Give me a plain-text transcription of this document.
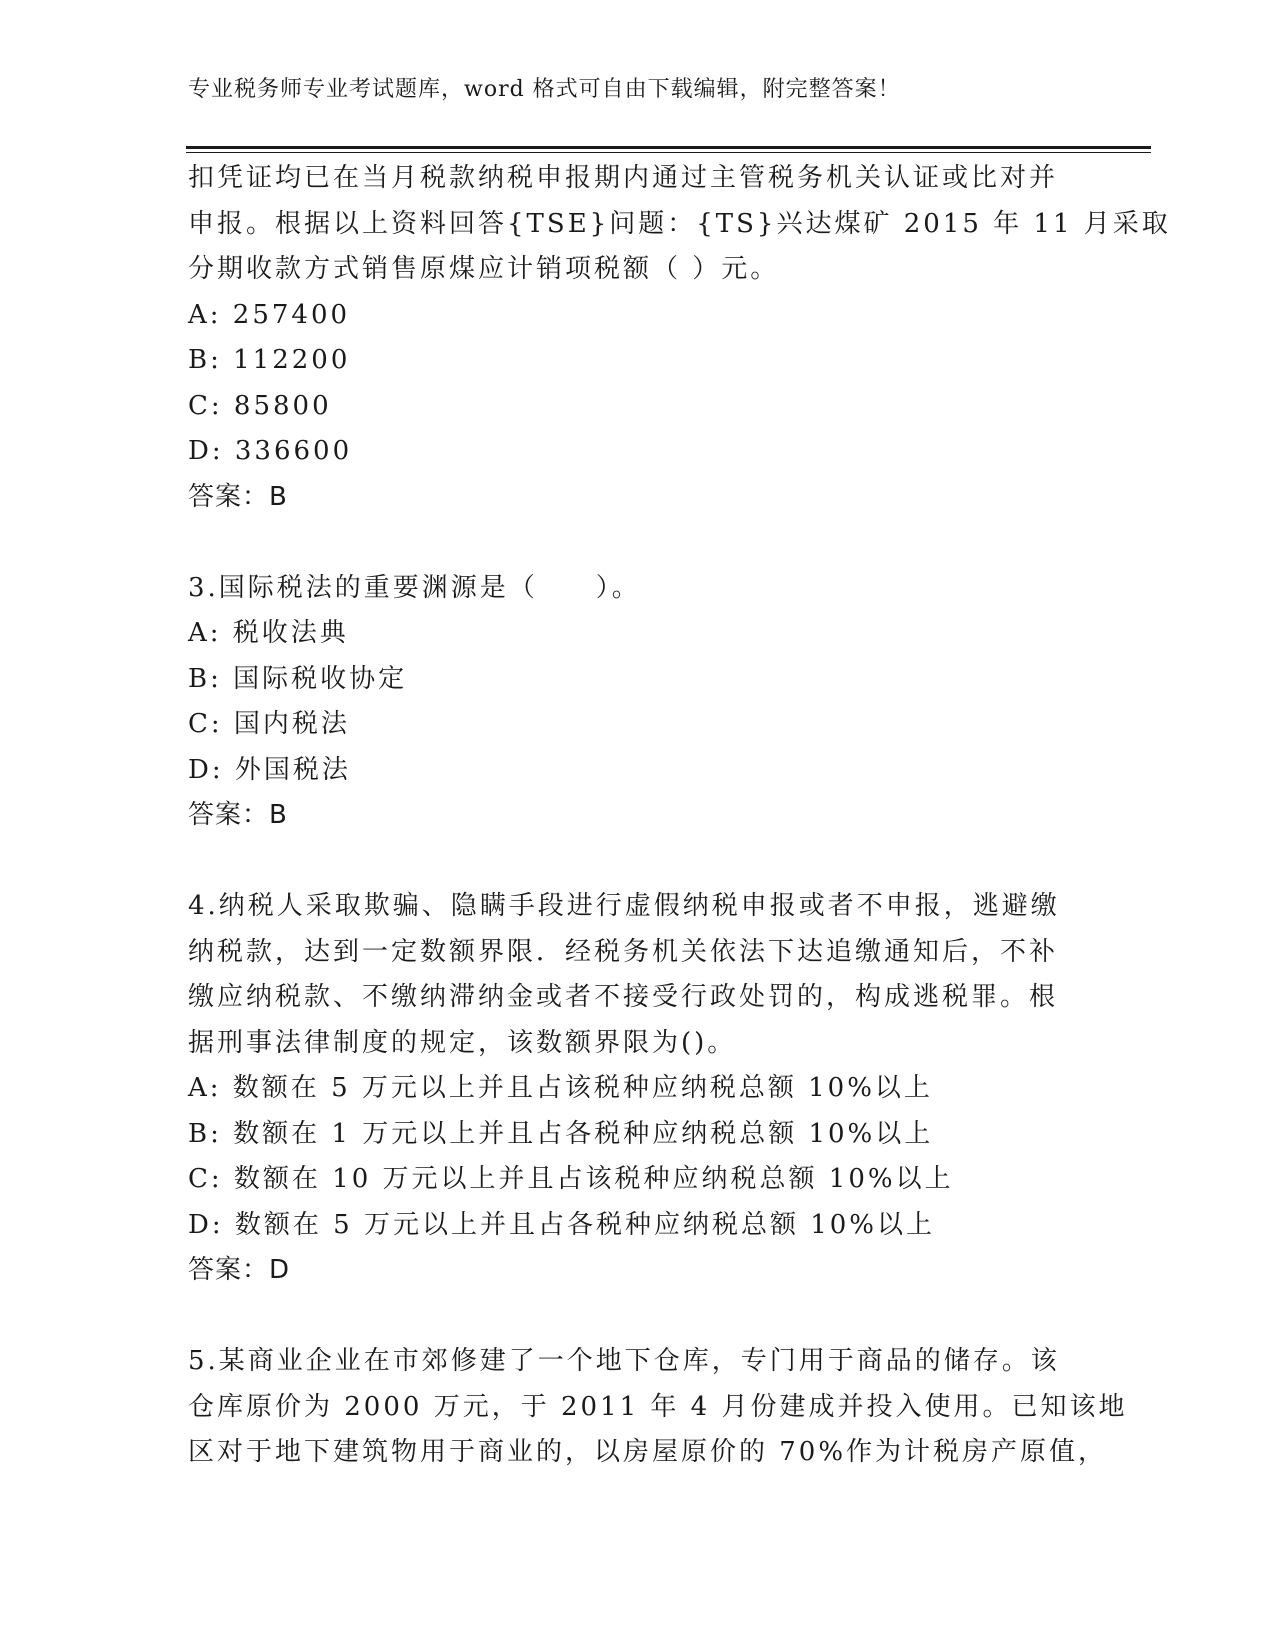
专业税务师专业考试题库，word 格式可自由下载编辑，附完整答案！
扣凭证均已在当月税款纳税申报期内通过主管税务机关认证或比对并
申报。根据以上资料回答{TSE}问题：{TS}兴达煤矿 2015 年 11 月采取
分期收款方式销售原煤应计销项税额（ ）元。
A: 257400
B: 112200
C: 85800
D: 336600
答案：B
3.国际税法的重要渊源是（　　）。
A: 税收法典
B: 国际税收协定
C: 国内税法
D: 外国税法
答案：B
4.纳税人采取欺骗、隐瞒手段进行虚假纳税申报或者不申报，逃避缴
纳税款，达到一定数额界限．经税务机关依法下达追缴通知后，不补
缴应纳税款、不缴纳滞纳金或者不接受行政处罚的，构成逃税罪。根
据刑事法律制度的规定，该数额界限为()。
A: 数额在 5 万元以上并且占该税种应纳税总额 10%以上
B: 数额在 1 万元以上并且占各税种应纳税总额 10%以上
C: 数额在 10 万元以上并且占该税种应纳税总额 10%以上
D: 数额在 5 万元以上并且占各税种应纳税总额 10%以上
答案：D
5.某商业企业在市郊修建了一个地下仓库，专门用于商品的储存。该
仓库原价为 2000 万元，于 2011 年 4 月份建成并投入使用。已知该地
区对于地下建筑物用于商业的，以房屋原价的 70%作为计税房产原值，
